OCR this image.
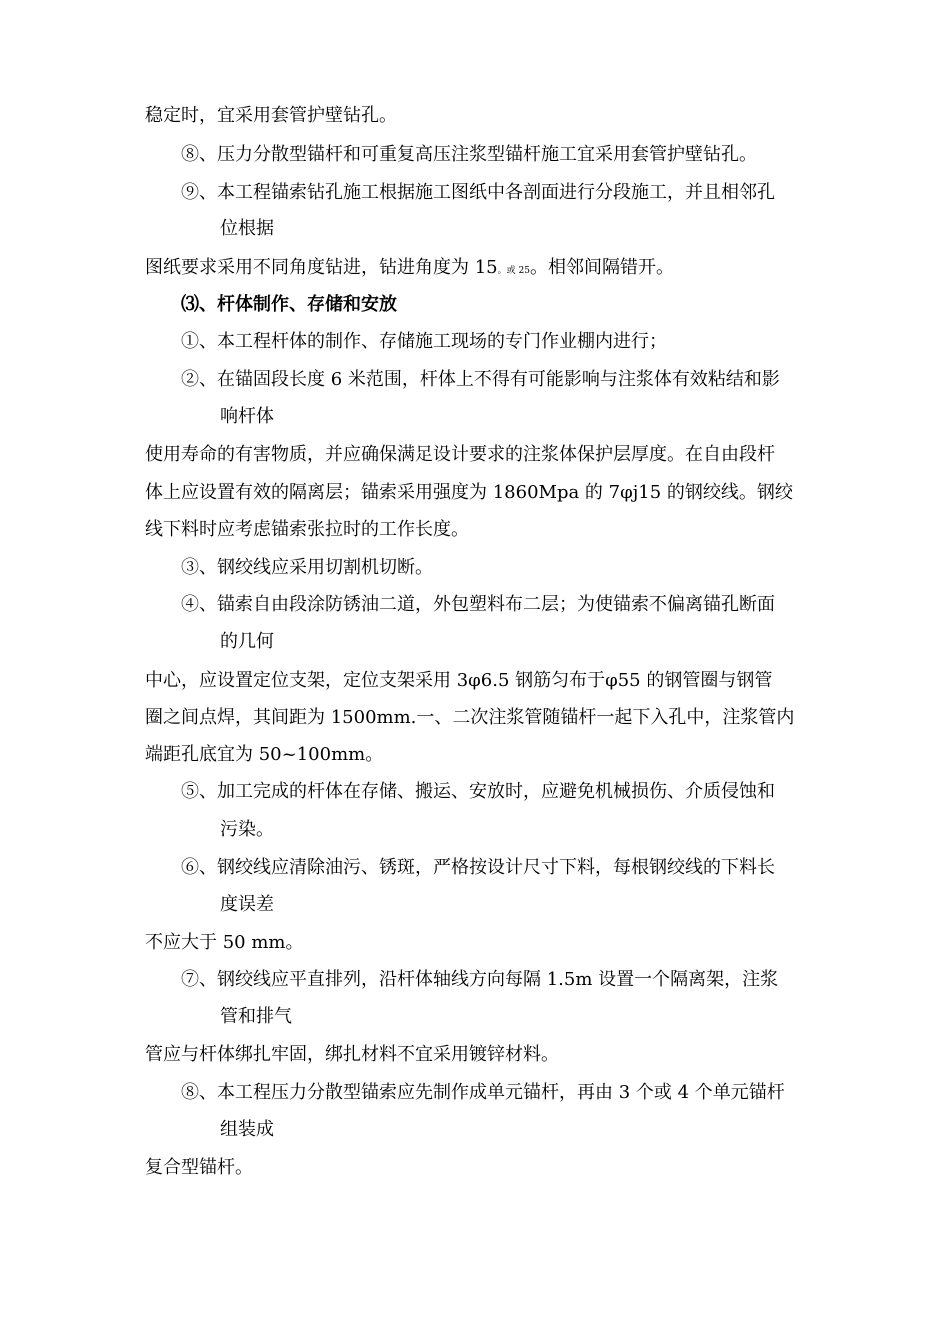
稳定时，宜采用套管护壁钻孔。

⑧、压力分散型锚杆和可重复高压注浆型锚杆施工宜采用套管护壁钻孔。

⑨、本工程锚索钻孔施工根据施工图纸中各剖面进行分段施工，并且相邻孔

位根据

图纸要求采用不同角度钻进，钻进角度为 15。或 25。相邻间隔错开。

⑶、杆体制作、存储和安放

①、本工程杆体的制作、存储施工现场的专门作业棚内进行；

②、在锚固段长度 6 米范围，杆体上不得有可能影响与注浆体有效粘结和影

响杆体

使用寿命的有害物质，并应确保满足设计要求的注浆体保护层厚度。在自由段杆

体上应设置有效的隔离层；锚索采用强度为 1860Mpa 的 7φj15 的钢绞线。钢绞

线下料时应考虑锚索张拉时的工作长度。

③、钢绞线应采用切割机切断。

④、锚索自由段涂防锈油二道，外包塑料布二层；为使锚索不偏离锚孔断面

的几何

中心，应设置定位支架，定位支架采用 3φ6.5 钢筋匀布于φ55 的钢管圈与钢管

圈之间点焊，其间距为 1500mm.一、二次注浆管随锚杆一起下入孔中，注浆管内

端距孔底宜为 50~100mm。

⑤、加工完成的杆体在存储、搬运、安放时，应避免机械损伤、介质侵蚀和

污染。

⑥、钢绞线应清除油污、锈斑，严格按设计尺寸下料，每根钢绞线的下料长

度误差

不应大于 50 mm。

⑦、钢绞线应平直排列，沿杆体轴线方向每隔 1.5m 设置一个隔离架，注浆

管和排气

管应与杆体绑扎牢固，绑扎材料不宜采用镀锌材料。

⑧、本工程压力分散型锚索应先制作成单元锚杆，再由 3 个或 4 个单元锚杆

组装成

复合型锚杆。
